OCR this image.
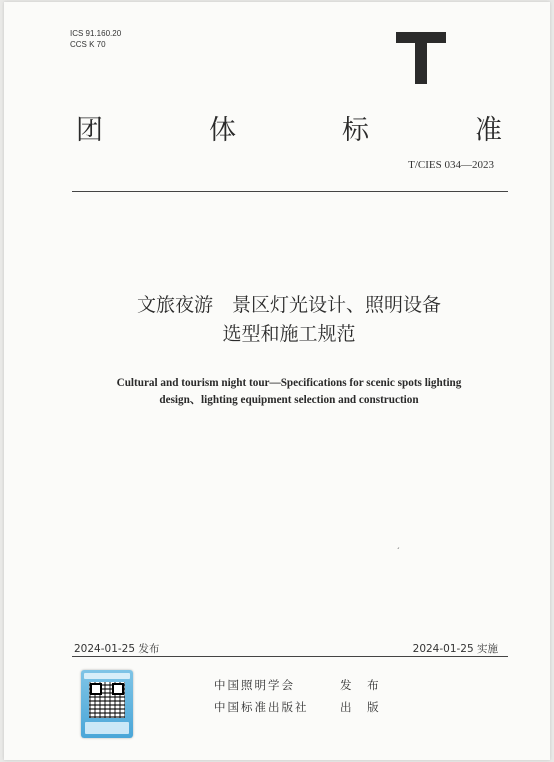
ICS 91.160.20
CCS K 70
团	体	标	准
T/CIES 034—2023
文旅夜游　景区灯光设计、照明设备
选型和施工规范
Cultural and tourism night tour—Specifications for scenic spots lighting
design、lighting equipment selection and construction
ˊ
2024-01-25 发布	2024-01-25 实施
中国照明学会	发 布
中国标准出版社	出 版
